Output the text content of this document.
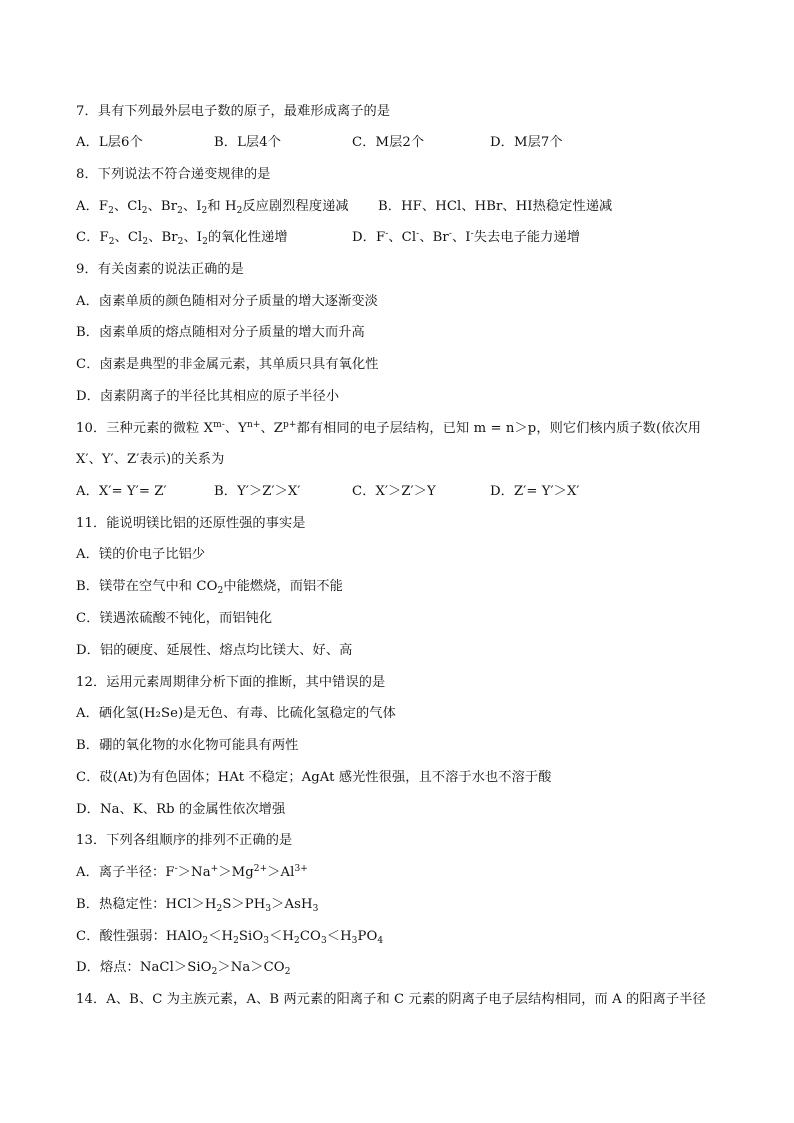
7．具有下列最外层电子数的原子，最难形成离子的是
A．L层6个	B．L层4个	C．M层2个	D．M层7个
8．下列说法不符合递变规律的是
A．$F_2$、$Cl_2$、$Br_2$、$I_2$和 $H_2$反应剧烈程度递减 B．HF、HCl、HBr、HI热稳定性递减
C．$F_2$、$Cl_2$、$Br_2$、$I_2$的氧化性递增	D．F-、Cl-、Br-、I-失去电子能力递增
9．有关卤素的说法正确的是
A．卤素单质的颜色随相对分子质量的增大逐渐变淡
B．卤素单质的熔点随相对分子质量的增大而升高
C．卤素是典型的非金属元素，其单质只具有氧化性
D．卤素阴离子的半径比其相应的原子半径小
10．三种元素的微粒 $X^{m-}$、$Y^{n+}$、$Z^{p+}$都有相同的电子层结构，已知 m = n＞p，则它们核内质子数(依次用
X′、Y′、Z′表示)的关系为
A．X′= Y′= Z′	B．Y′＞Z′＞X′	C．X′＞Z′＞Y	D．Z′= Y′＞X′
11．能说明镁比铝的还原性强的事实是
A．镁的价电子比铝少
B．镁带在空气中和 $CO_2$中能燃烧，而铝不能
C．镁遇浓硫酸不钝化，而铝钝化
D．铝的硬度、延展性、熔点均比镁大、好、高
12．运用元素周期律分析下面的推断，其中错误的是
A．硒化氢(H₂Se)是无色、有毒、比硫化氢稳定的气体
B．硼的氧化物的水化物可能具有两性
C．砹(At)为有色固体；HAt 不稳定；AgAt 感光性很强，且不溶于水也不溶于酸
D．Na、K、Rb 的金属性依次增强
13．下列各组顺序的排列不正确的是
A．离子半径：$F^->Na^+>Mg^{2+}>Al^{3+}$
B．热稳定性：$HCl>H_2S>PH_3>AsH_3$
C．酸性强弱：$HAlO_2<H_2SiO_3<H_2CO_3<H_3PO_4$
D．熔点：$NaCl>SiO_2>Na>CO_2$
14．A、B、C 为主族元素，A、B 两元素的阳离子和 C 元素的阴离子电子层结构相同，而 A 的阳离子半径
